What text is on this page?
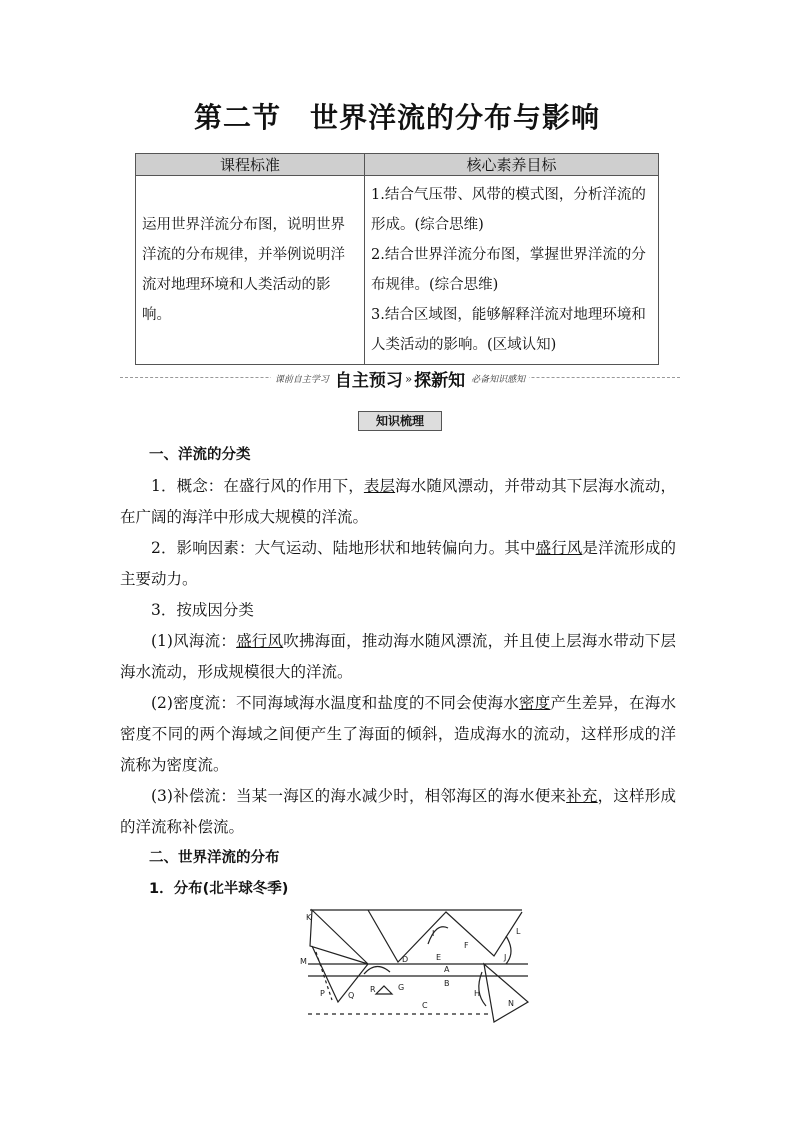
第二节　世界洋流的分布与影响
课程标准	核心素养目标
运用世界洋流分布图，说明世界洋流的分布规律，并举例说明洋流对地理环境和人类活动的影响。	1.结合气压带、风带的模式图，分析洋流的形成。(综合思维)
2.结合世界洋流分布图，掌握世界洋流的分布规律。(综合思维)
3.结合区域图，能够解释洋流对地理环境和人类活动的影响。(区域认知)
课前自主学习 自主预习 » 探新知 必备知识感知
知识梳理

一、洋流的分类

1．概念：在盛行风的作用下，表层海水随风漂动，并带动其下层海水流动，在广阔的海洋中形成大规模的洋流。

2．影响因素：大气运动、陆地形状和地转偏向力。其中盛行风是洋流形成的主要动力。

3．按成因分类

(1)风海流：盛行风吹拂海面，推动海水随风漂流，并且使上层海水带动下层海水流动，形成规模很大的洋流。

(2)密度流：不同海域海水温度和盐度的不同会使海水密度产生差异，在海水密度不同的两个海域之间便产生了海面的倾斜，造成海水的流动，这样形成的洋流称为密度流。

(3)补偿流：当某一海区的海水减少时，相邻海区的海水便来补充，这样形成的洋流称补偿流。

二、世界洋流的分布

1．分布(北半球冬季)

K
M
P	Q
R	G
D
I
E
F
A
B
C
L
J
H
N
